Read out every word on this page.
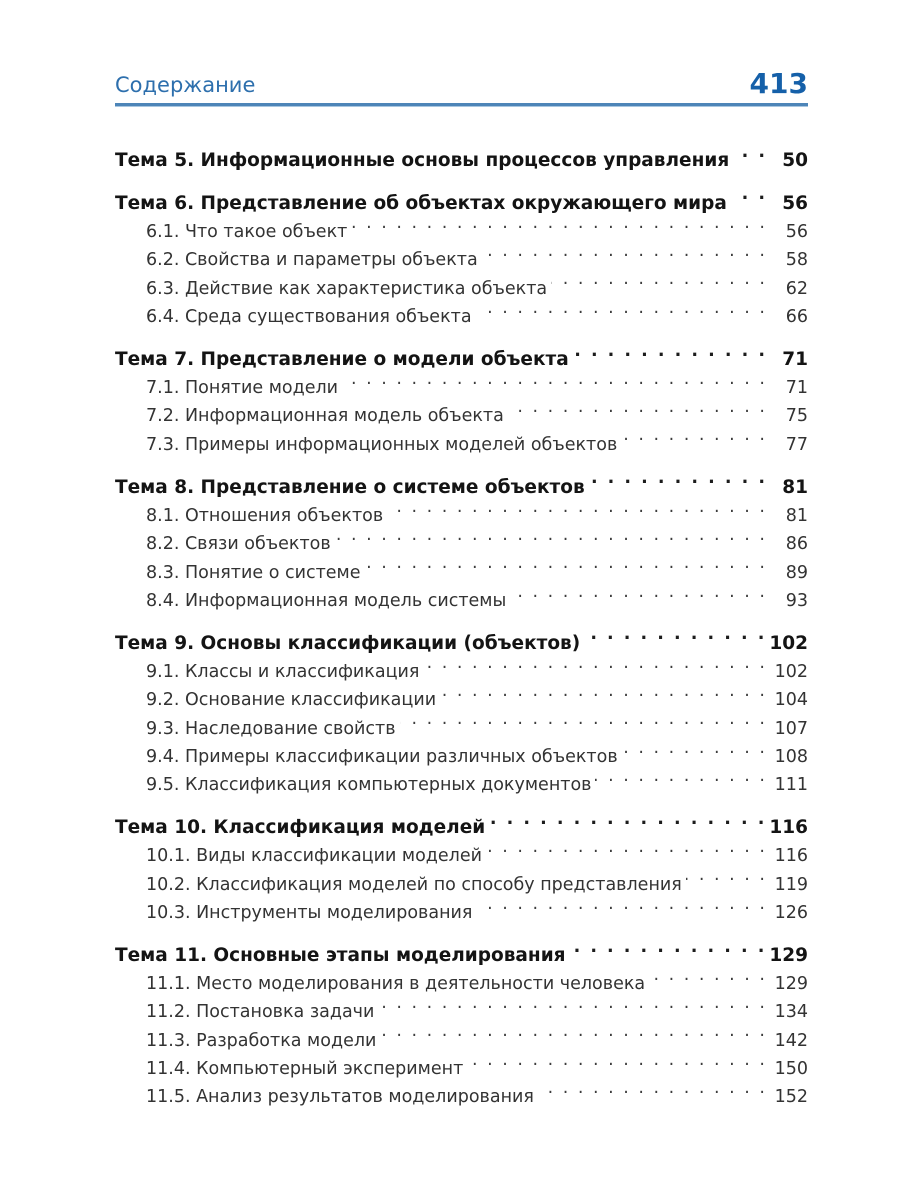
Содержание	413
Тема 5. Информационные основы процессов управления . . .	50
Тема 6. Представление об объектах окружающего мира . . .	56
6.1. Что такое объект . . .	56
6.2. Свойства и параметры объекта . . .	58
6.3. Действие как характеристика объекта . . .	62
6.4. Среда существования объекта . . .	66
Тема 7. Представление о модели объекта . . .	71
7.1. Понятие модели . . .	71
7.2. Информационная модель объекта . . .	75
7.3. Примеры информационных моделей объектов . . .	77
Тема 8. Представление о системе объектов . . .	81
8.1. Отношения объектов . . .	81
8.2. Связи объектов . . .	86
8.3. Понятие о системе . . .	89
8.4. Информационная модель системы . . .	93
Тема 9. Основы классификации (объектов) . . .	102
9.1. Классы и классификация . . .	102
9.2. Основание классификации . . .	104
9.3. Наследование свойств . . .	107
9.4. Примеры классификации различных объектов . . .	108
9.5. Классификация компьютерных документов . . .	111
Тема 10. Классификация моделей . . .	116
10.1. Виды классификации моделей . . .	116
10.2. Классификация моделей по способу представления . . .	119
10.3. Инструменты моделирования . . .	126
Тема 11. Основные этапы моделирования . . .	129
11.1. Место моделирования в деятельности человека . . .	129
11.2. Постановка задачи . . .	134
11.3. Разработка модели . . .	142
11.4. Компьютерный эксперимент . . .	150
11.5. Анализ результатов моделирования . . .	152
